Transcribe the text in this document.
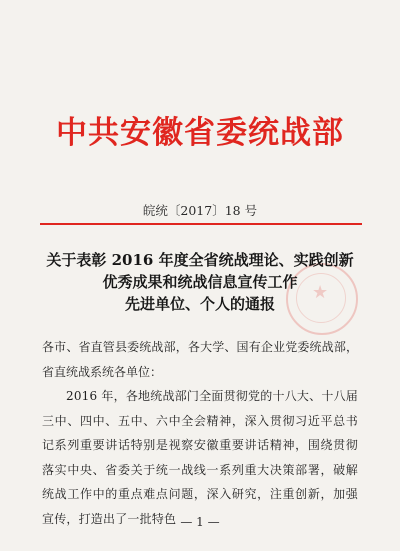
中共安徽省委统战部
皖统〔2017〕18 号
★
关于表彰 2016 年度全省统战理论、实践创新
优秀成果和统战信息宣传工作
先进单位、个人的通报

各市、省直管县委统战部，各大学、国有企业党委统战部，省直统战系统各单位：

2016 年，各地统战部门全面贯彻党的十八大、十八届三中、四中、五中、六中全会精神，深入贯彻习近平总书记系列重要讲话特别是视察安徽重要讲话精神，围绕贯彻落实中央、省委关于统一战线一系列重大决策部署，破解统战工作中的重点难点问题，深入研究，注重创新，加强宣传，打造出了一批特色 — 1 —
